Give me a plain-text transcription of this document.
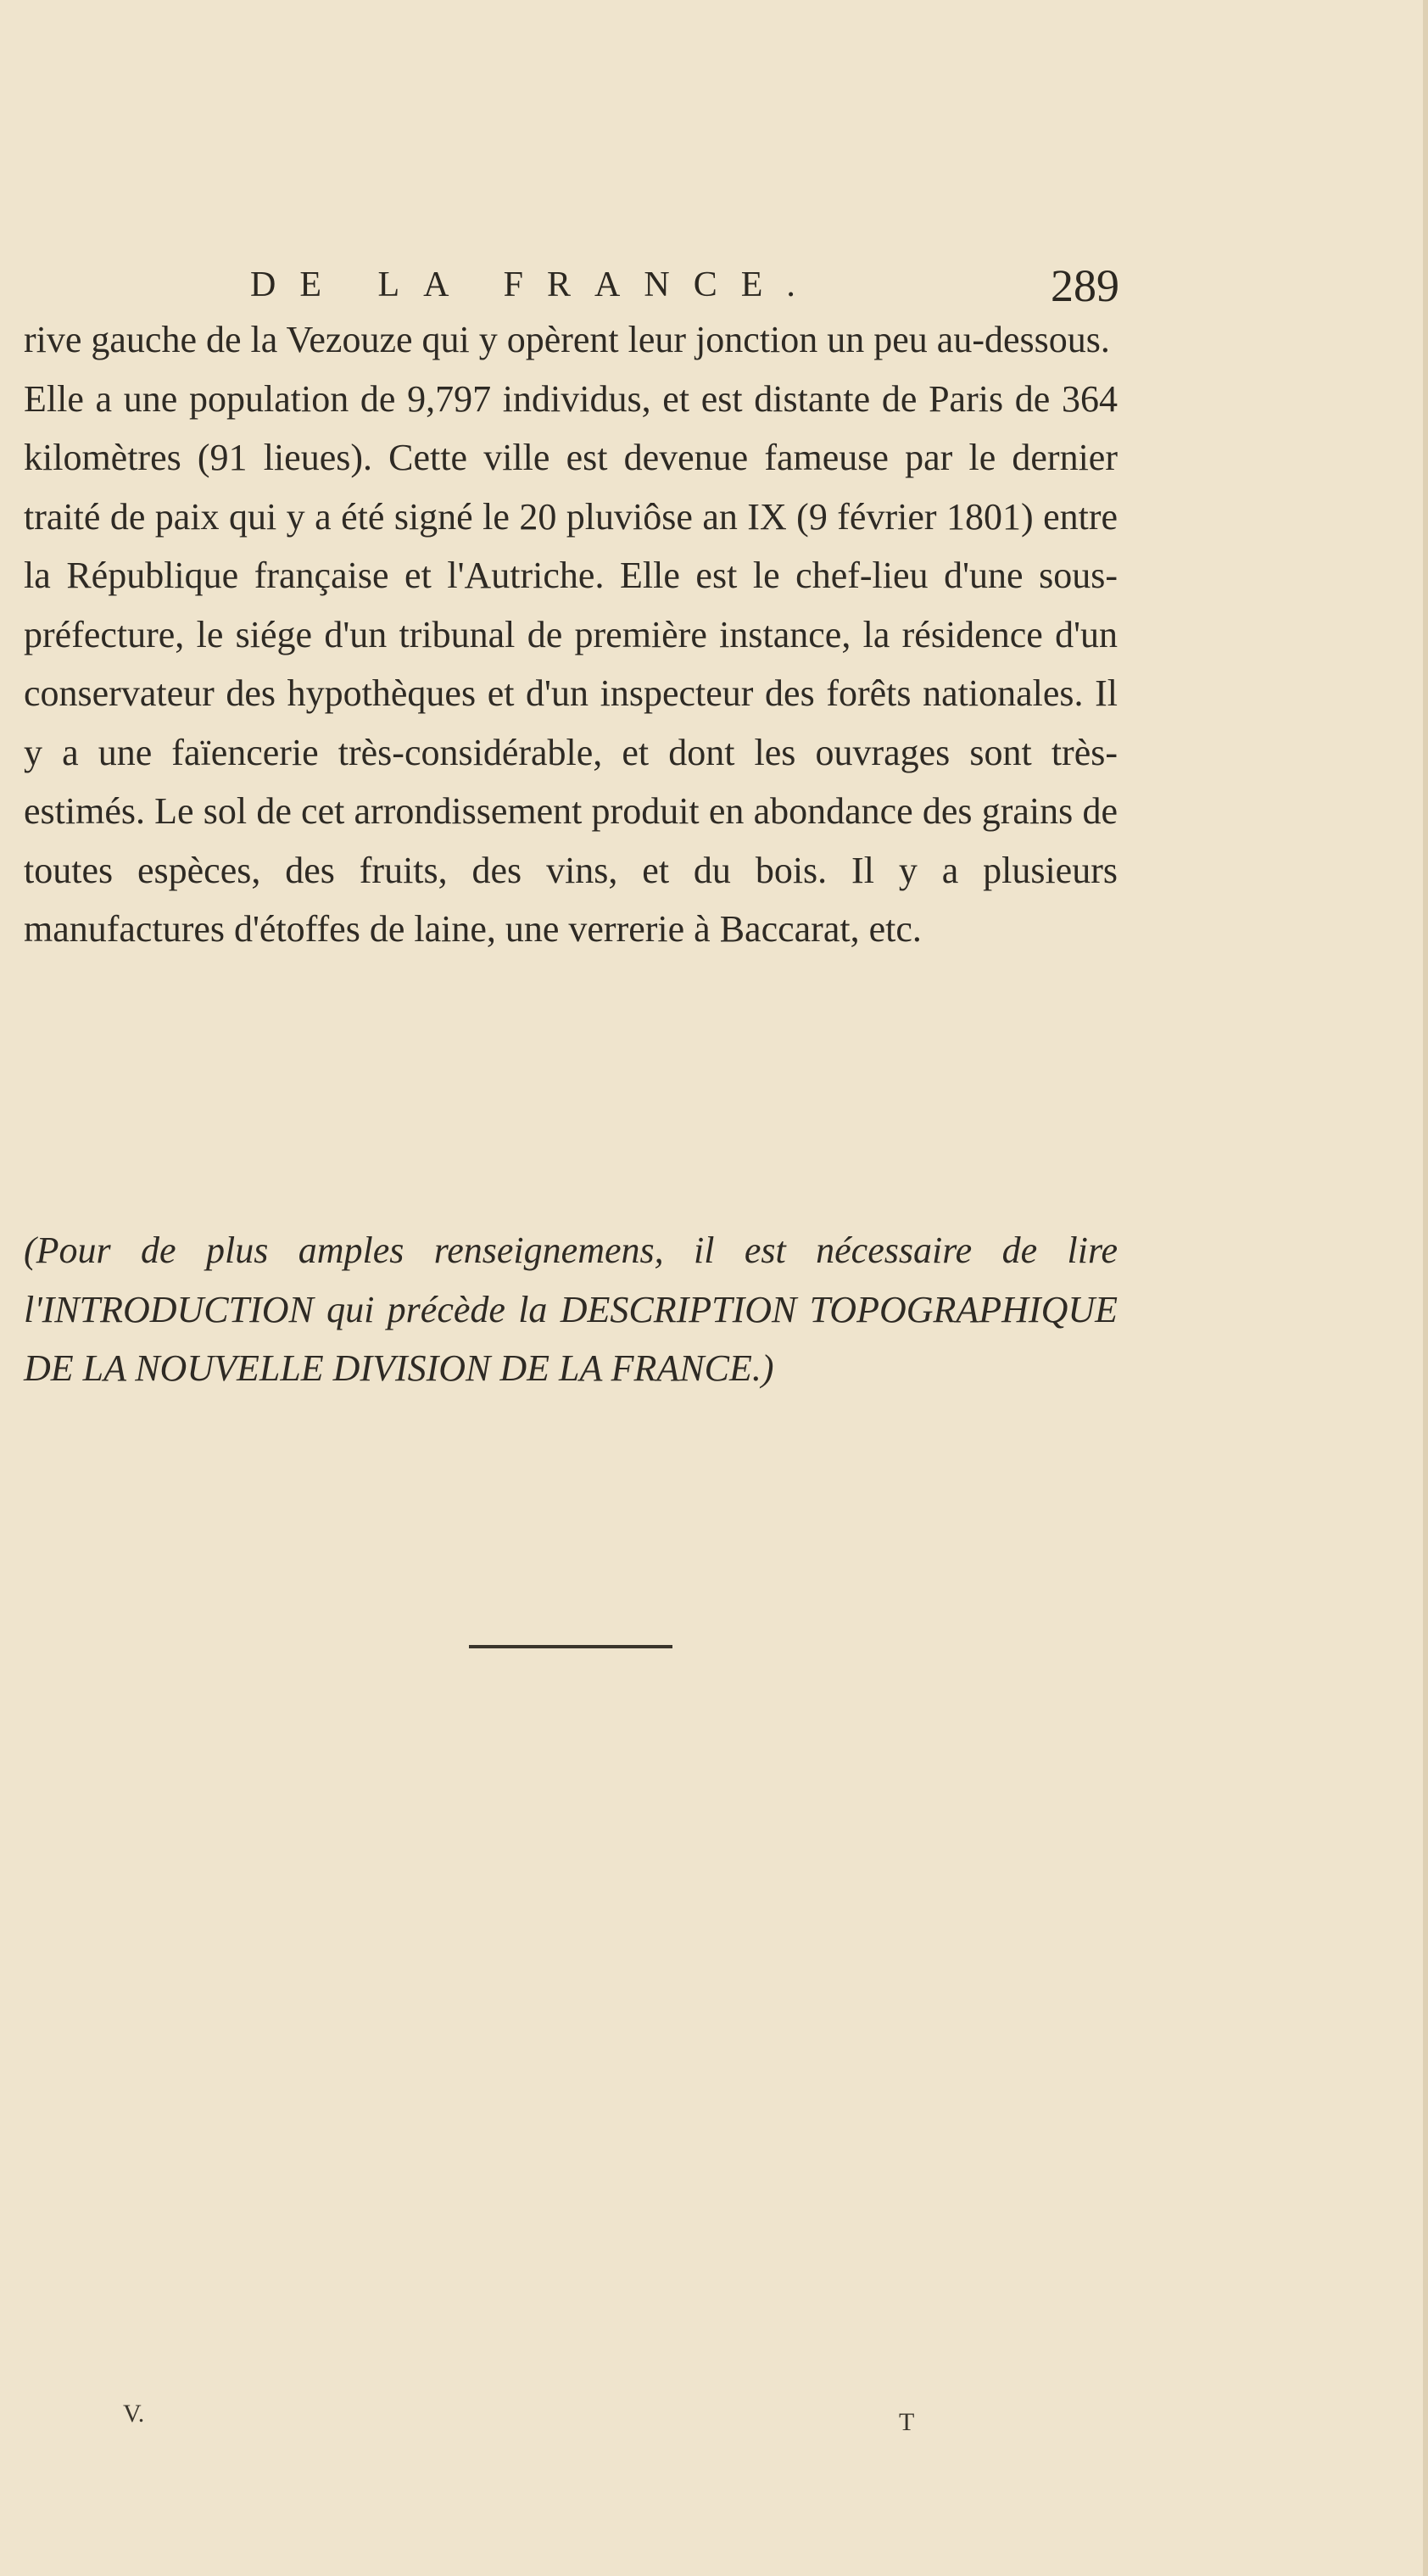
DE LA FRANCE.	289

rive gauche de la Vezouze qui y opèrent leur jonction un peu au-dessous.

Elle a une population de 9,797 individus, et est distante de Paris de 364 kilomètres (91 lieues). Cette ville est devenue fameuse par le dernier traité de paix qui y a été signé le 20 pluviôse an IX (9 février 1801) entre la République française et l'Autriche. Elle est le chef-lieu d'une sous-préfecture, le siége d'un tribunal de première instance, la résidence d'un conservateur des hypothèques et d'un inspecteur des forêts nationales. Il y a une faïencerie très-considérable, et dont les ouvrages sont très-estimés. Le sol de cet arrondissement produit en abondance des grains de toutes espèces, des fruits, des vins, et du bois. Il y a plusieurs manufactures d'étoffes de laine, une verrerie à Baccarat, etc.

(Pour de plus amples renseignemens, il est nécessaire de lire l'INTRODUCTION qui précède la DESCRIPTION TOPOGRAPHIQUE DE LA NOUVELLE DIVISION DE LA FRANCE.)
V.	T
